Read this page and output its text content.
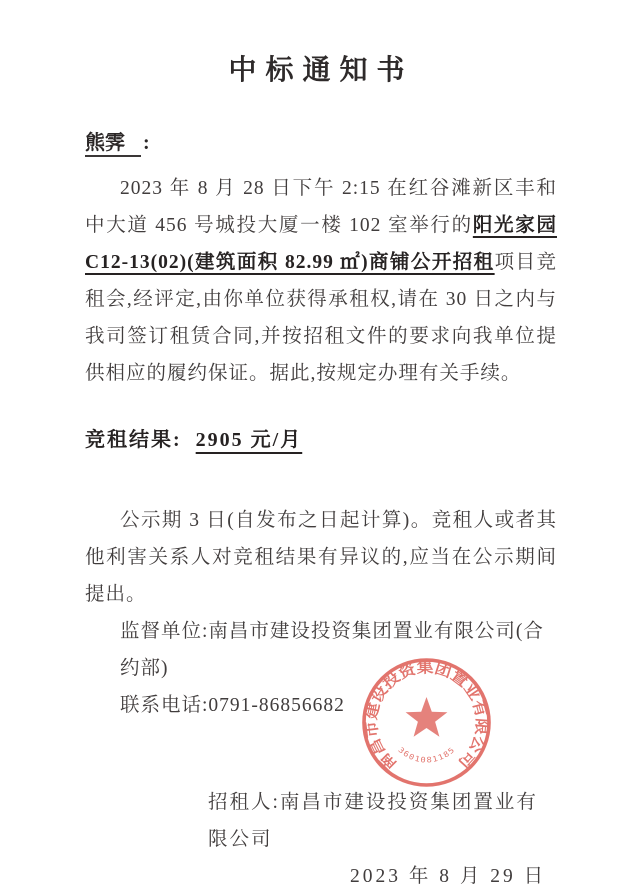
中标通知书
熊霁 :

2023 年 8 月 28 日下午 2:15 在红谷滩新区丰和中大道 456 号城投大厦一楼 102 室举行的阳光家园 C12-13(02)(建筑面积 82.99 ㎡)商铺公开招租项目竞租会,经评定,由你单位获得承租权,请在 30 日之内与我司签订租赁合同,并按招租文件的要求向我单位提供相应的履约保证。据此,按规定办理有关手续。

竞租结果: 2905 元/月

公示期 3 日(自发布之日起计算)。竞租人或者其他利害关系人对竞租结果有异议的,应当在公示期间提出。

监督单位:南昌市建设投资集团置业有限公司(合约部)

联系电话:0791-86856682

招租人:南昌市建设投资集团置业有限公司

2023 年 8 月 29 日

南昌市建设投资集团置业有限公司
3601081185
